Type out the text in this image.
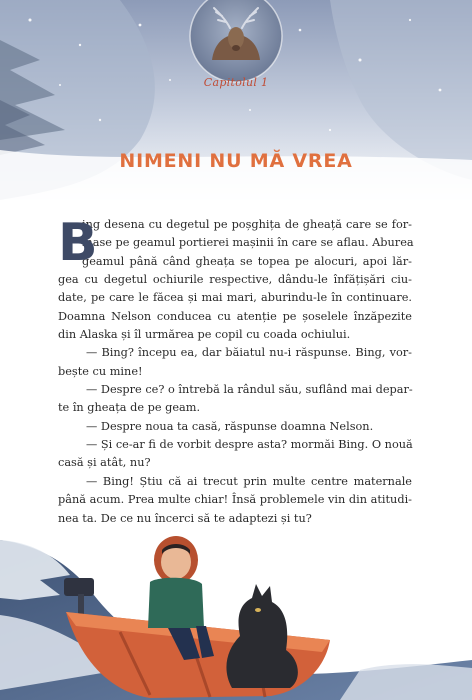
Capitolul 1
NIMENI NU MĂ VREA
B
ing desena cu degetul pe poșghița de gheață care se for-
mase pe geamul portierei mașinii în care se aflau. Aburea
geamul până când gheața se topea pe alocuri, apoi lăr-
gea cu degetul ochiurile respective, dându-le înfățișări ciu-
date, pe care le făcea și mai mari, aburindu-le în continuare.
Doamna Nelson conducea cu atenție pe șoselele înzăpezite
din Alaska și îl urmărea pe copil cu coada ochiului.
— Bing? începu ea, dar băiatul nu-i răspunse. Bing, vor-
bește cu mine!
— Despre ce? o întrebă la rândul său, suflând mai depar-
te în gheața de pe geam.
— Despre noua ta casă, răspunse doamna Nelson.
— Și ce-ar fi de vorbit despre asta? mormăi Bing. O nouă
casă și atât, nu?
— Bing! Știu că ai trecut prin multe centre maternale
până acum. Prea multe chiar! Însă problemele vin din atitudi-
nea ta. De ce nu încerci să te adaptezi și tu?
